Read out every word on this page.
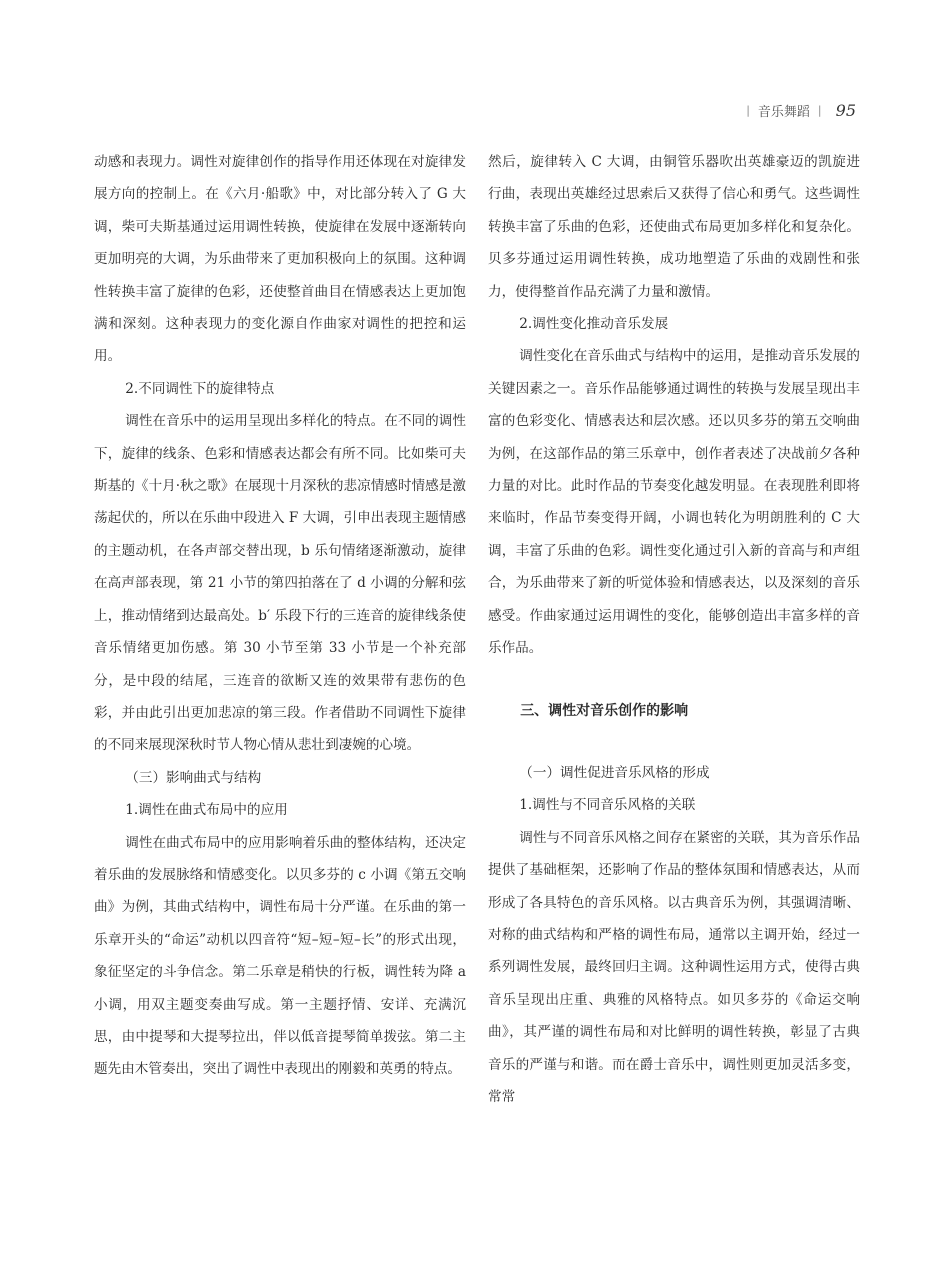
| 音乐舞蹈 | 95

动感和表现力。调性对旋律创作的指导作用还体现在对旋律发展方向的控制上。在《六月·船歌》中，对比部分转入了 G 大调，柴可夫斯基通过运用调性转换，使旋律在发展中逐渐转向更加明亮的大调，为乐曲带来了更加积极向上的氛围。这种调性转换丰富了旋律的色彩，还使整首曲目在情感表达上更加饱满和深刻。这种表现力的变化源自作曲家对调性的把控和运用。

2.不同调性下的旋律特点

调性在音乐中的运用呈现出多样化的特点。在不同的调性下，旋律的线条、色彩和情感表达都会有所不同。比如柴可夫斯基的《十月·秋之歌》在展现十月深秋的悲凉情感时情感是激荡起伏的，所以在乐曲中段进入 F 大调，引申出表现主题情感的主题动机，在各声部交替出现，b 乐句情绪逐渐激动，旋律在高声部表现，第 21 小节的第四拍落在了 d 小调的分解和弦上，推动情绪到达最高处。b′ 乐段下行的三连音的旋律线条使音乐情绪更加伤感。第 30 小节至第 33 小节是一个补充部分，是中段的结尾，三连音的欲断又连的效果带有悲伤的色彩，并由此引出更加悲凉的第三段。作者借助不同调性下旋律的不同来展现深秋时节人物心情从悲壮到凄婉的心境。

（三）影响曲式与结构

1.调性在曲式布局中的应用

调性在曲式布局中的应用影响着乐曲的整体结构，还决定着乐曲的发展脉络和情感变化。以贝多芬的 c 小调《第五交响曲》为例，其曲式结构中，调性布局十分严谨。在乐曲的第一乐章开头的“命运”动机以四音符“短–短–短–长”的形式出现，象征坚定的斗争信念。第二乐章是稍快的行板，调性转为降 a 小调，用双主题变奏曲写成。第一主题抒情、安详、充满沉思，由中提琴和大提琴拉出，伴以低音提琴简单拨弦。第二主题先由木管奏出，突出了调性中表现出的刚毅和英勇的特点。

然后，旋律转入 C 大调，由铜管乐器吹出英雄豪迈的凯旋进行曲，表现出英雄经过思索后又获得了信心和勇气。这些调性转换丰富了乐曲的色彩，还使曲式布局更加多样化和复杂化。贝多芬通过运用调性转换，成功地塑造了乐曲的戏剧性和张力，使得整首作品充满了力量和激情。

2.调性变化推动音乐发展

调性变化在音乐曲式与结构中的运用，是推动音乐发展的关键因素之一。音乐作品能够通过调性的转换与发展呈现出丰富的色彩变化、情感表达和层次感。还以贝多芬的第五交响曲为例，在这部作品的第三乐章中，创作者表述了决战前夕各种力量的对比。此时作品的节奏变化越发明显。在表现胜利即将来临时，作品节奏变得开阔，小调也转化为明朗胜利的 C 大调，丰富了乐曲的色彩。调性变化通过引入新的音高与和声组合，为乐曲带来了新的听觉体验和情感表达，以及深刻的音乐感受。作曲家通过运用调性的变化，能够创造出丰富多样的音乐作品。

三、调性对音乐创作的影响

（一）调性促进音乐风格的形成

1.调性与不同音乐风格的关联

调性与不同音乐风格之间存在紧密的关联，其为音乐作品提供了基础框架，还影响了作品的整体氛围和情感表达，从而形成了各具特色的音乐风格。以古典音乐为例，其强调清晰、对称的曲式结构和严格的调性布局，通常以主调开始，经过一系列调性发展，最终回归主调。这种调性运用方式，使得古典音乐呈现出庄重、典雅的风格特点。如贝多芬的《命运交响曲》，其严谨的调性布局和对比鲜明的调性转换，彰显了古典音乐的严谨与和谐。而在爵士音乐中，调性则更加灵活多变，常常
